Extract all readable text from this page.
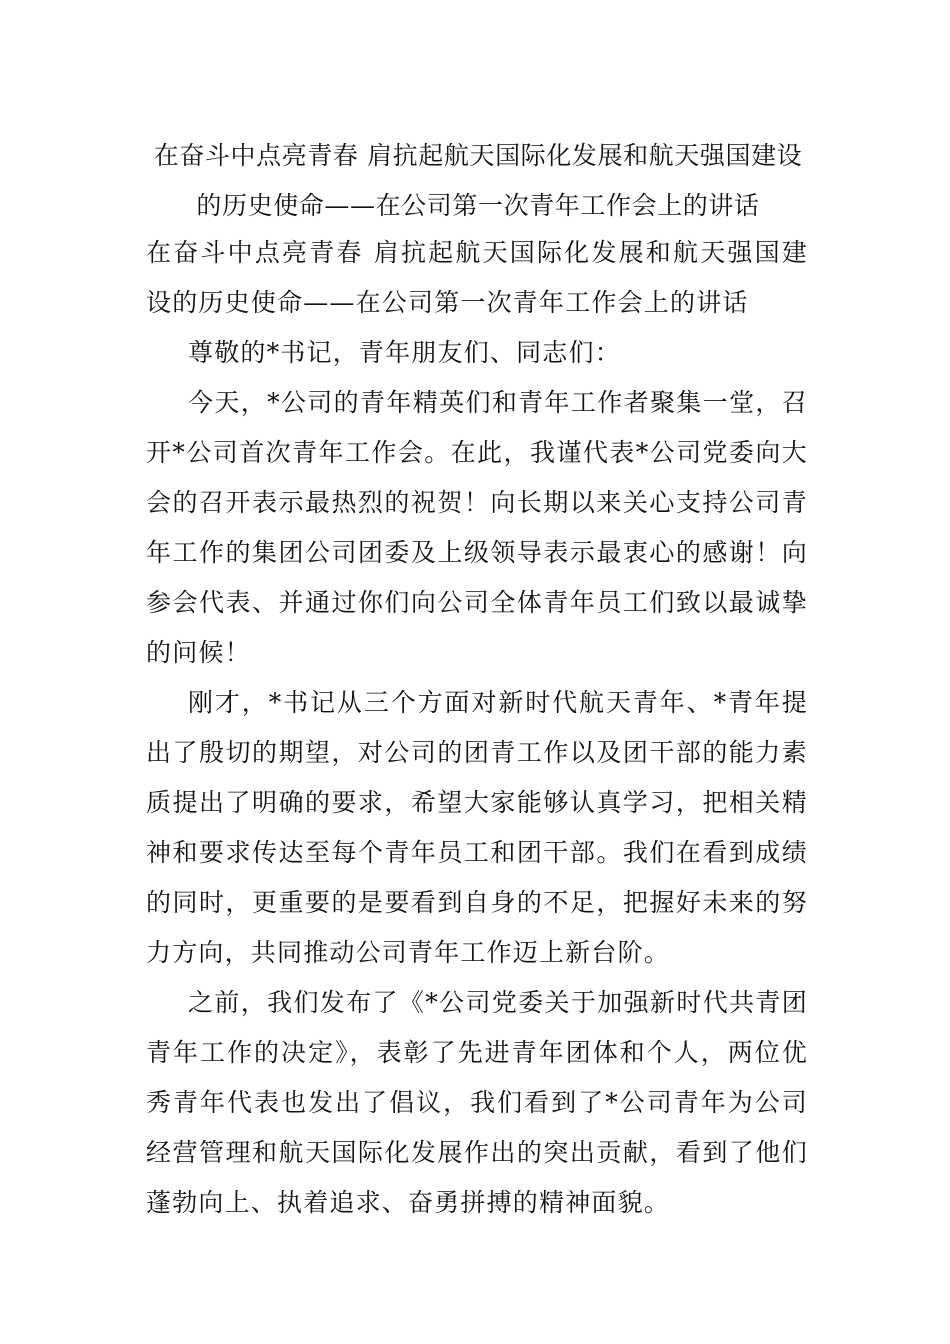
在奋斗中点亮青春 肩抗起航天国际化发展和航天强国建设
的历史使命——在公司第一次青年工作会上的讲话

在奋斗中点亮青春 肩抗起航天国际化发展和航天强国建设的历史使命——在公司第一次青年工作会上的讲话

尊敬的*书记，青年朋友们、同志们：

今天，*公司的青年精英们和青年工作者聚集一堂，召开*公司首次青年工作会。在此，我谨代表*公司党委向大会的召开表示最热烈的祝贺！向长期以来关心支持公司青年工作的集团公司团委及上级领导表示最衷心的感谢！向参会代表、并通过你们向公司全体青年员工们致以最诚挚的问候！

刚才，*书记从三个方面对新时代航天青年、*青年提出了殷切的期望，对公司的团青工作以及团干部的能力素质提出了明确的要求，希望大家能够认真学习，把相关精神和要求传达至每个青年员工和团干部。我们在看到成绩的同时，更重要的是要看到自身的不足，把握好未来的努力方向，共同推动公司青年工作迈上新台阶。

之前，我们发布了《*公司党委关于加强新时代共青团青年工作的决定》，表彰了先进青年团体和个人，两位优秀青年代表也发出了倡议，我们看到了*公司青年为公司经营管理和航天国际化发展作出的突出贡献，看到了他们蓬勃向上、执着追求、奋勇拼搏的精神面貌。
